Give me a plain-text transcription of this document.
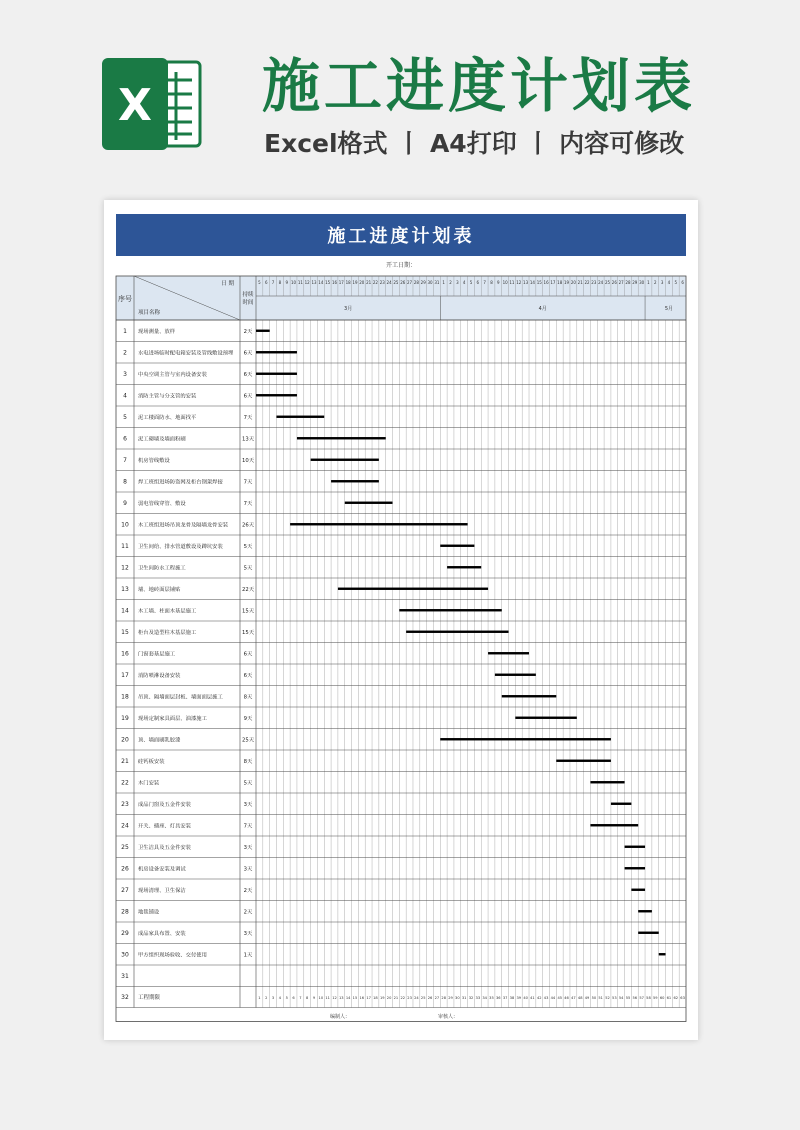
X 施工进度计划表
Excel格式 丨 A4打印 丨 内容可修改
序号
日 期
项目名称
持续
时间
5 6 7 8 9 10 11 12 13 14 15 16 17 18 19 20 21 22 23 24 25 26 27 28 29 30 31 1 2 3 4 5 6 7 8 9 10 11 12 13 14 15 16 17 18 19 20 21 22 23 24 25 26 27 28 29 30 1 2 3 4 5 6
3月	4月	5月
1 现场测量、放样	2天
2 水电进场临时配电箱安装及管线敷设预埋 6天
3 中央空调主管与室内设备安装	6天
4 消防主管与分支管的安装	6天
5 泥工楼面防水、地面找平	7天
6 泥工砌墙及墙面粉刷	13天
7 机房管线敷设	10天
8 焊工班组进场防盗网及柜台钢架焊接	7天
9 弱电管线穿管、敷设	7天
10 木工班组进场吊顶龙骨及隔墙龙骨安装	26天
11 卫生间给、排水管道敷设及蹲坑安装	5天
12 卫生间防水工程施工	5天
13 墙、地砖面层铺贴	22天
14 木工墙、柱面木基层施工	15天
15 柜台及造型柱木基层施工	15天
16 门窗套基层施工	6天
17 消防喷淋设备安装	6天
18 吊顶、隔墙面层封板、墙面面层施工	8天
19 现场定制家具面层、油漆施工	9天
20 顶、墙面刷乳胶漆	25天
21 硅钙板安装	8天
22 木门安装	5天
23 成品门窗及五金件安装	3天
24 开关、插座、灯具安装	7天
25 卫生洁具及五金件安装	3天
26 机房设备安装及调试	3天
27 现场清理、卫生保洁	2天
28 地毯铺设	2天
29 成品家具布置、安装	3天
30 甲方组织现场验收、交付使用	1天
31
32 工程期限	1 2 3 4 5 6 7 8 9 10 11 12 13 14 15 16 17 18 19 20 21 22 23 24 25 26 27 28 29 30 31 32 33 34 35 36 37 38 39 40 41 42 43 44 45 46 47 48 49 50 51 52 53 54 55 56 57 58 59 60 61 62 63
施工进度计划表
开工日期：
编制人：	审核人：
